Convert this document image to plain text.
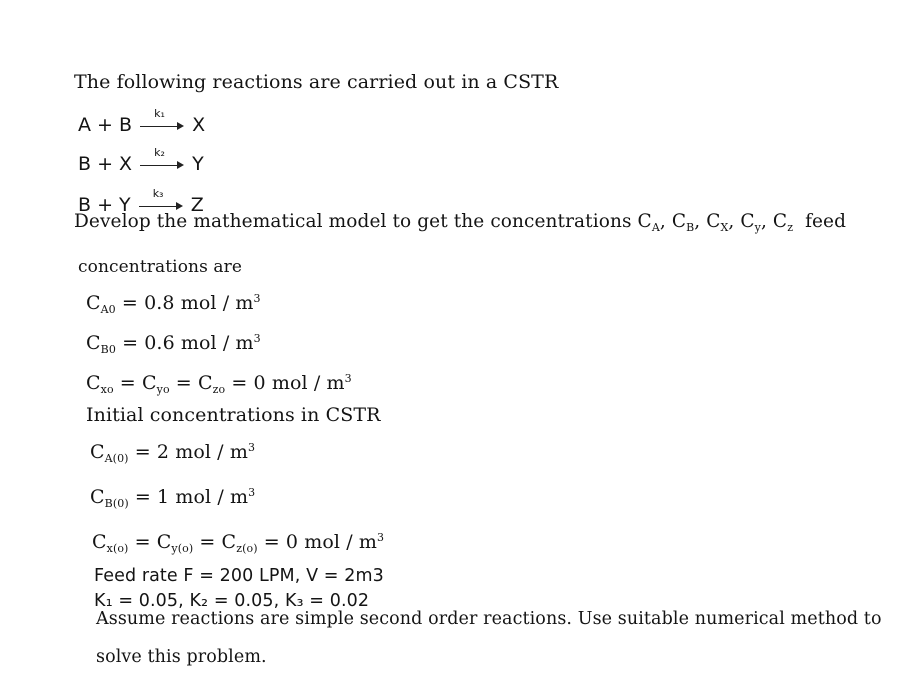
The following reactions are carried out in a CSTR
A + B
k₁
X
B + X
k₂
Y
B + Y
k₃
Z
Develop the mathematical model to get the concentrations $C_A$, $C_B$, $C_X$, $C_y$, $C_z$ feed
concentrations are
$C_{A0} = 0.8$ mol / $m^3$
$C_{B0} = 0.6$ mol / $m^3$
$C_{xo} = C_{yo} = C_{zo} = 0$ mol / $m^3$
Initial concentrations in CSTR
$C_{A(0)} = 2$ mol / $m^3$
$C_{B(0)} = 1$ mol / $m^3$
$C_{x(o)} = C_{y(o)} = C_{z(o)} = 0$ mol / $m^3$
Feed rate F = 200 LPM, V = 2m3
K₁ = 0.05, K₂ = 0.05, K₃ = 0.02
Assume reactions are simple second order reactions. Use suitable numerical method to
solve this problem.
